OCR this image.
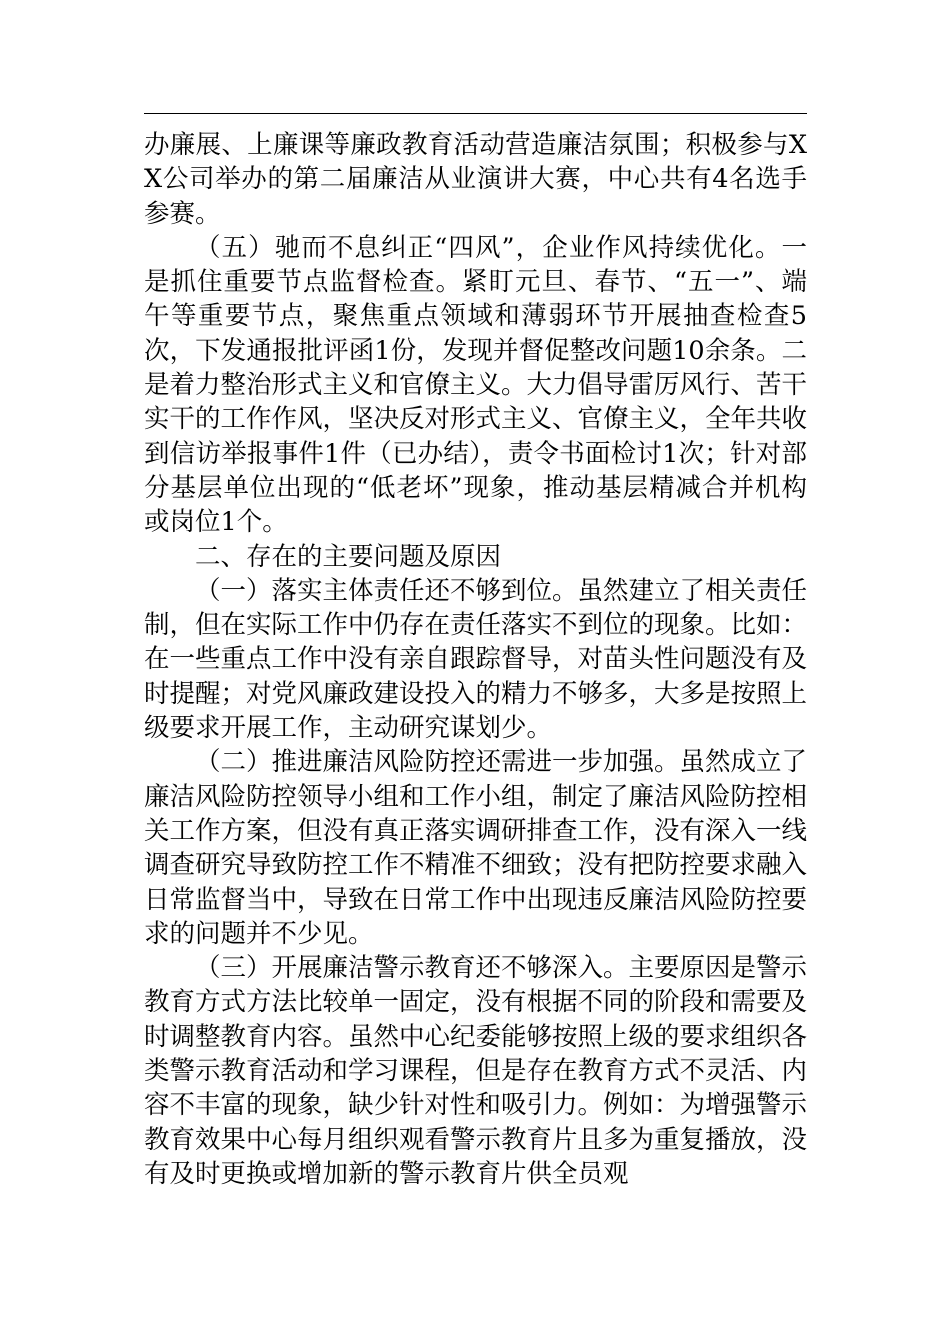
办廉展、上廉课等廉政教育活动营造廉洁氛围；积极参与XX公司举办的第二届廉洁从业演讲大赛，中心共有4名选手参赛。

（五）驰而不息纠正“四风”，企业作风持续优化。一是抓住重要节点监督检查。紧盯元旦、春节、“五一”、端午等重要节点，聚焦重点领域和薄弱环节开展抽查检查5次，下发通报批评函1份，发现并督促整改问题10余条。二是着力整治形式主义和官僚主义。大力倡导雷厉风行、苦干实干的工作作风，坚决反对形式主义、官僚主义，全年共收到信访举报事件1件（已办结），责令书面检讨1次；针对部分基层单位出现的“低老坏”现象，推动基层精减合并机构或岗位1个。

二、存在的主要问题及原因

（一）落实主体责任还不够到位。虽然建立了相关责任制，但在实际工作中仍存在责任落实不到位的现象。比如：在一些重点工作中没有亲自跟踪督导，对苗头性问题没有及时提醒；对党风廉政建设投入的精力不够多，大多是按照上级要求开展工作，主动研究谋划少。

（二）推进廉洁风险防控还需进一步加强。虽然成立了廉洁风险防控领导小组和工作小组，制定了廉洁风险防控相关工作方案，但没有真正落实调研排查工作，没有深入一线调查研究导致防控工作不精准不细致；没有把防控要求融入日常监督当中，导致在日常工作中出现违反廉洁风险防控要求的问题并不少见。

（三）开展廉洁警示教育还不够深入。主要原因是警示教育方式方法比较单一固定，没有根据不同的阶段和需要及时调整教育内容。虽然中心纪委能够按照上级的要求组织各类警示教育活动和学习课程，但是存在教育方式不灵活、内容不丰富的现象，缺少针对性和吸引力。例如：为增强警示教育效果中心每月组织观看警示教育片且多为重复播放，没有及时更换或增加新的警示教育片供全员观
